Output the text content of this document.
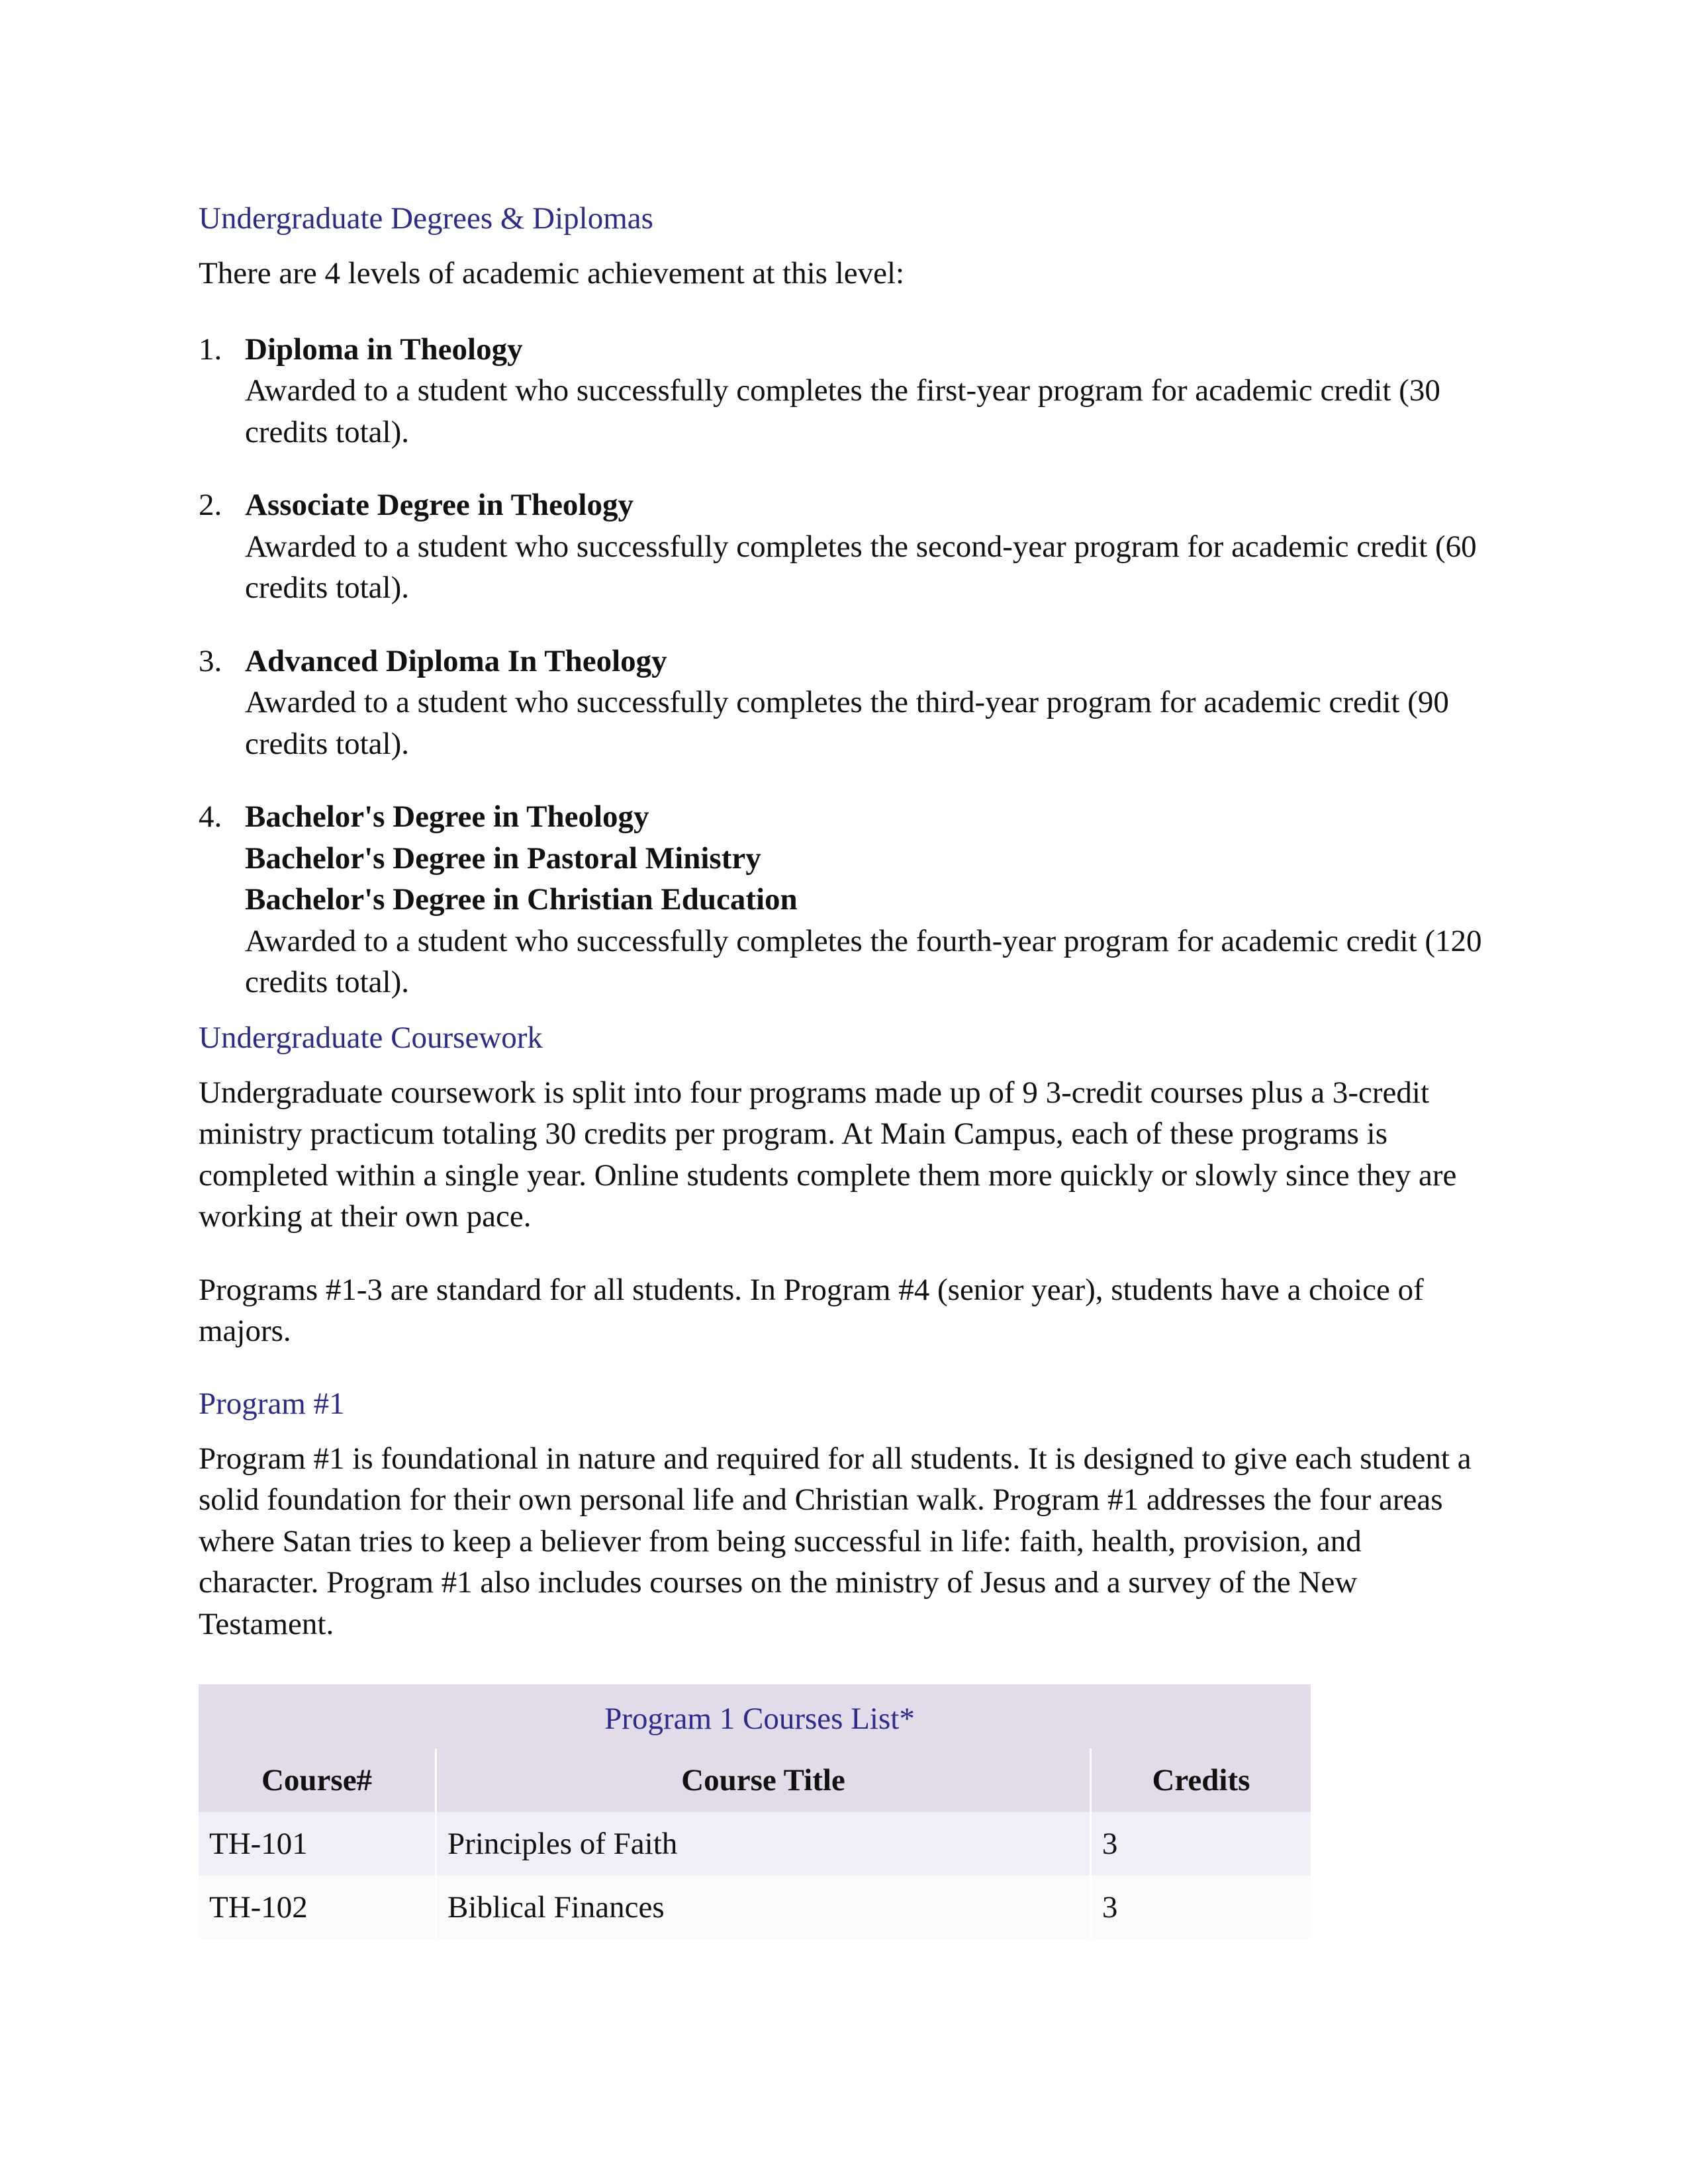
Undergraduate Degrees & Diplomas

There are 4 levels of academic achievement at this level:

1. Diploma in Theology
Awarded to a student who successfully completes the first-year program for academic credit (30 credits total).
2. Associate Degree in Theology
Awarded to a student who successfully completes the second-year program for academic credit (60 credits total).
3. Advanced Diploma In Theology
Awarded to a student who successfully completes the third-year program for academic credit (90 credits total).
4. Bachelor's Degree in Theology
Bachelor's Degree in Pastoral Ministry
Bachelor's Degree in Christian Education
Awarded to a student who successfully completes the fourth-year program for academic credit (120 credits total).
Undergraduate Coursework

Undergraduate coursework is split into four programs made up of 9 3-credit courses plus a 3-credit ministry practicum totaling 30 credits per program. At Main Campus, each of these programs is completed within a single year. Online students complete them more quickly or slowly since they are working at their own pace.

Programs #1-3 are standard for all students. In Program #4 (senior year), students have a choice of majors.

Program #1

Program #1 is foundational in nature and required for all students. It is designed to give each student a solid foundation for their own personal life and Christian walk. Program #1 addresses the four areas where Satan tries to keep a believer from being successful in life: faith, health, provision, and character. Program #1 also includes courses on the ministry of Jesus and a survey of the New Testament.

Program 1 Courses List*		
Course#	Course Title	Credits
TH-101	Principles of Faith	3
TH-102	Biblical Finances	3
